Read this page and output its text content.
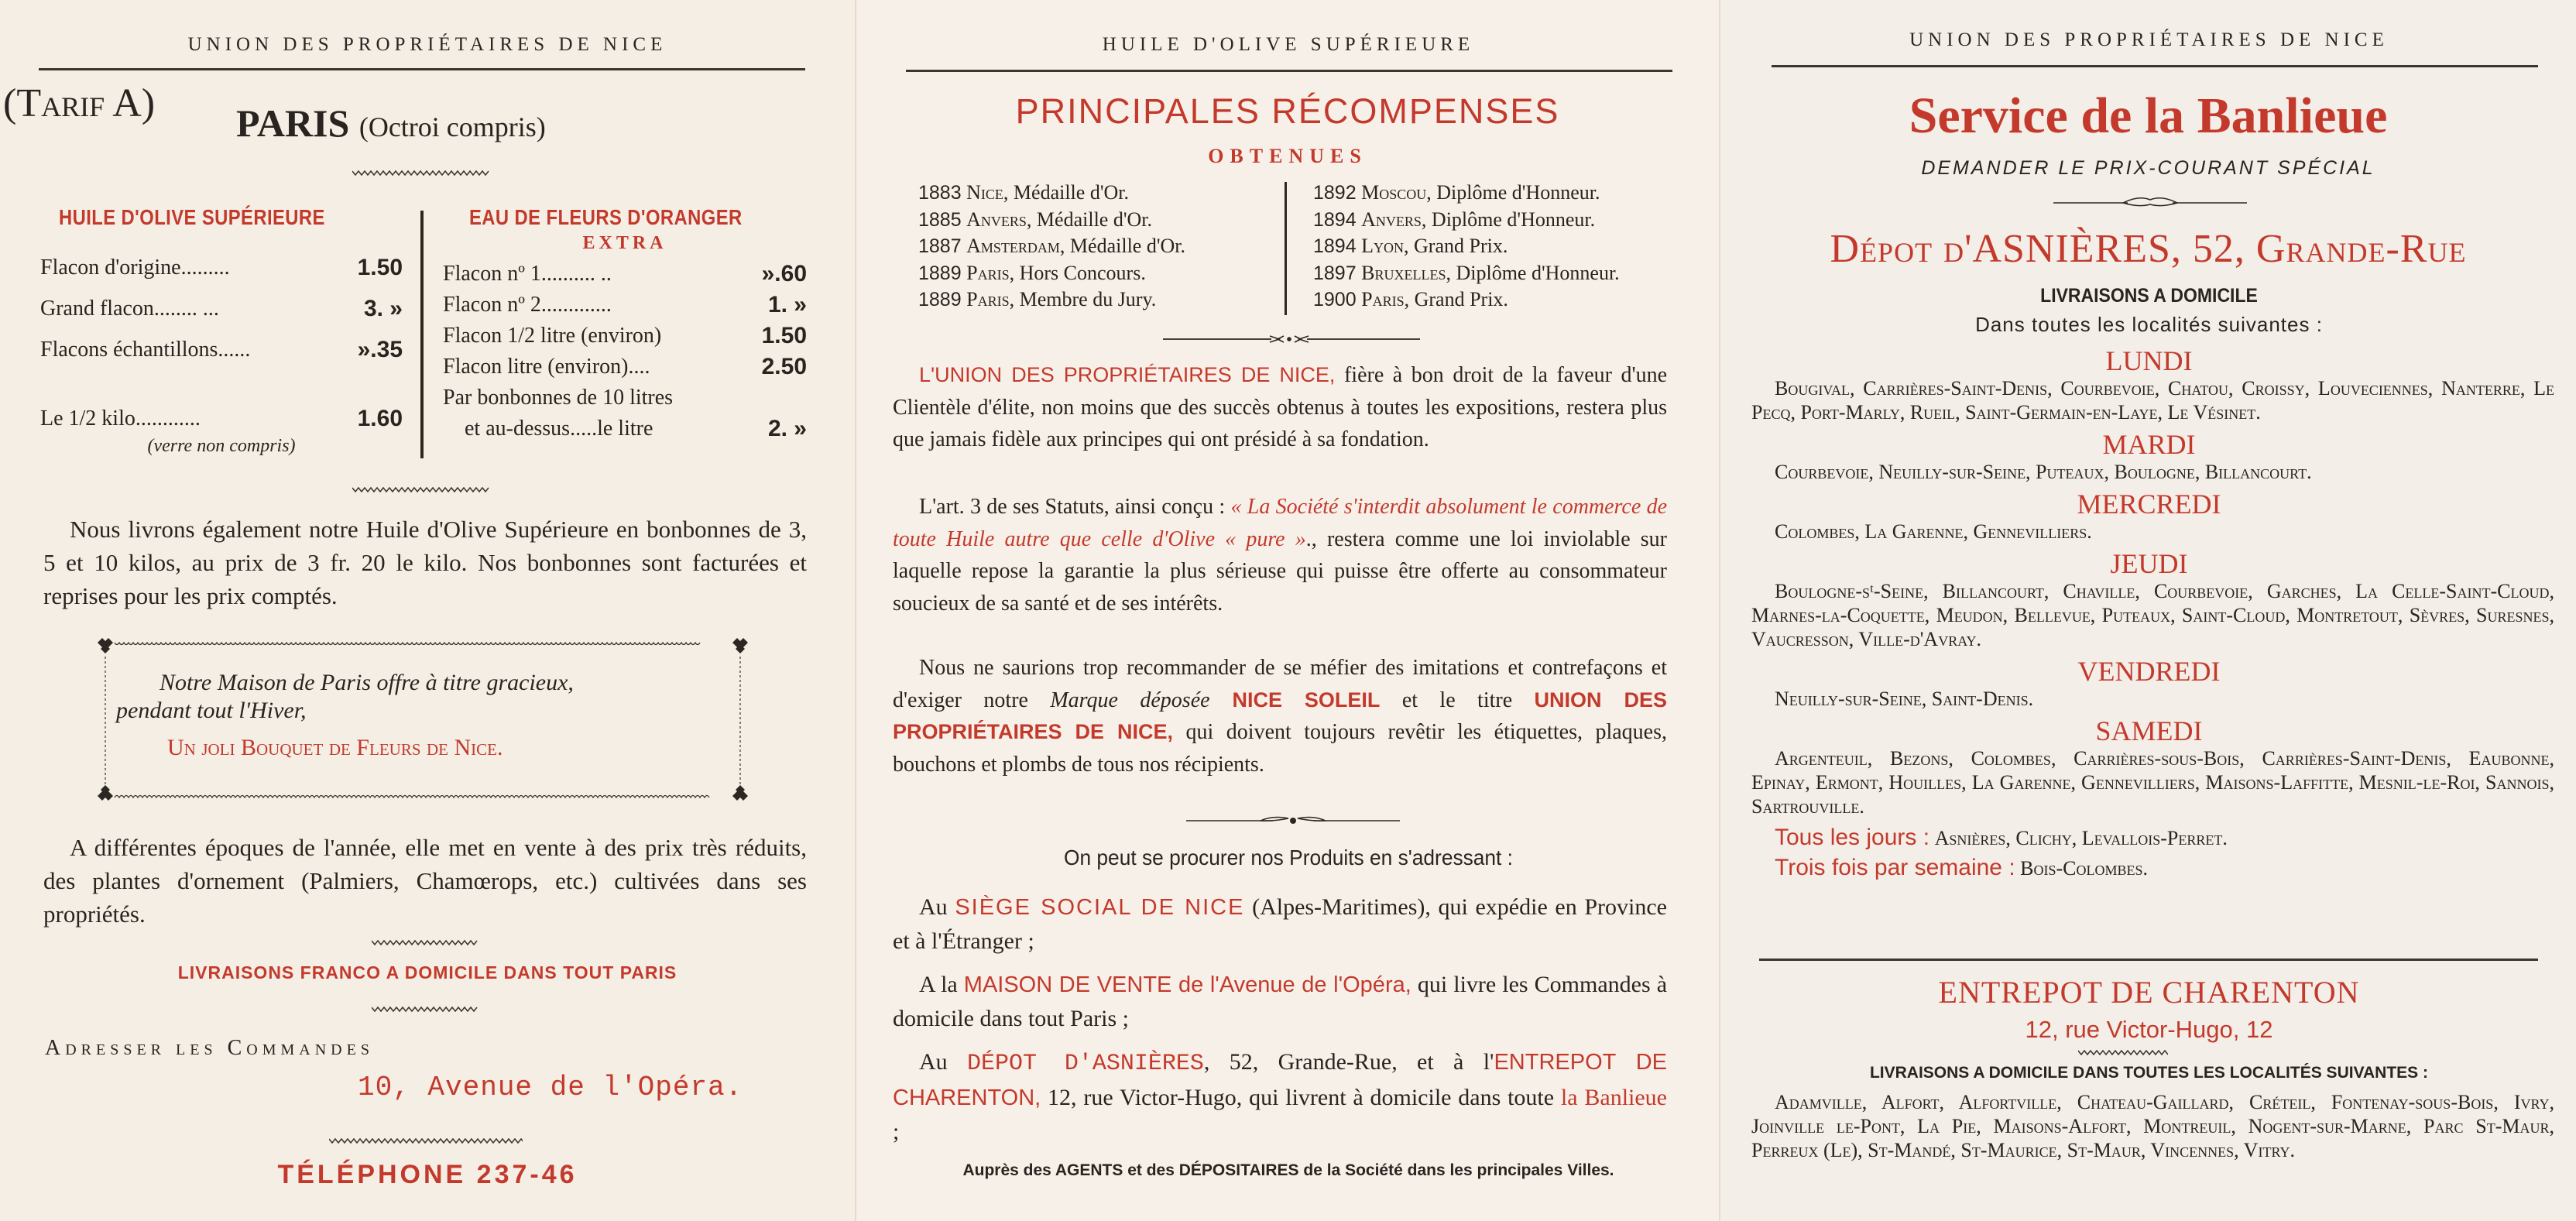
UNION DES PROPRIÉTAIRES DE NICE
(Tarif A) PARIS (Octroi compris)
HUILE D'OLIVE SUPÉRIEURE
Flacon d'origine.........	1.50
Grand flacon........ ...	3. »
Flacons échantillons......	».35
Le 1/2 kilo............	1.60
(verre non compris)
EAU DE FLEURS D'ORANGER
EXTRA
Flacon nº 1.......... ..	».60
Flacon nº 2.............	1. »
Flacon 1/2 litre (environ)	1.50
Flacon litre (environ)....	2.50
Par bonbonnes de 10 litres
et au-dessus.....le litre	2. »
Nous livrons également notre Huile d'Olive Supérieure en bonbonnes de 3, 5 et 10 kilos, au prix de 3 fr. 20 le kilo. Nos bonbonnes sont facturées et reprises pour les prix comptés.
Notre Maison de Paris offre à titre gracieux,
pendant tout l'Hiver,
Un joli Bouquet de Fleurs de Nice.
A différentes époques de l'année, elle met en vente à des prix très réduits, des plantes d'ornement (Palmiers, Chamœrops, etc.) cultivées dans ses propriétés.
LIVRAISONS FRANCO A DOMICILE DANS TOUT PARIS
Adresser les Commandes
10, Avenue de l'Opéra.
TÉLÉPHONE 237-46
HUILE D'OLIVE SUPÉRIEURE
PRINCIPALES RÉCOMPENSES
OBTENUES
1883 Nice, Médaille d'Or.
1885 Anvers, Médaille d'Or.
1887 Amsterdam, Médaille d'Or.
1889 Paris, Hors Concours.
1889 Paris, Membre du Jury.
1892 Moscou, Diplôme d'Honneur.
1894 Anvers, Diplôme d'Honneur.
1894 Lyon, Grand Prix.
1897 Bruxelles, Diplôme d'Honneur.
1900 Paris, Grand Prix.
L'UNION DES PROPRIÉTAIRES DE NICE, fière à bon droit de la faveur d'une Clientèle d'élite, non moins que des succès obtenus à toutes les expositions, restera plus que jamais fidèle aux principes qui ont présidé à sa fondation.
L'art. 3 de ses Statuts, ainsi conçu : « La Société s'interdit absolument le commerce de toute Huile autre que celle d'Olive « pure »., restera comme une loi inviolable sur laquelle repose la garantie la plus sérieuse qui puisse être offerte au consommateur soucieux de sa santé et de ses intérêts.
Nous ne saurions trop recommander de se méfier des imitations et contrefaçons et d'exiger notre Marque déposée NICE SOLEIL et le titre UNION DES PROPRIÉTAIRES DE NICE, qui doivent toujours revêtir les étiquettes, plaques, bouchons et plombs de tous nos récipients.
On peut se procurer nos Produits en s'adressant :
Au SIÈGE SOCIAL DE NICE (Alpes-Maritimes), qui expédie en Province et à l'Étranger ;
A la MAISON DE VENTE de l'Avenue de l'Opéra, qui livre les Commandes à domicile dans tout Paris ;
Au DÉPOT D'ASNIÈRES, 52, Grande-Rue, et à l'ENTREPOT DE CHARENTON, 12, rue Victor-Hugo, qui livrent à domicile dans toute la Banlieue ;
Auprès des AGENTS et des DÉPOSITAIRES de la Société dans les principales Villes.
UNION DES PROPRIÉTAIRES DE NICE
Service de la Banlieue
DEMANDER LE PRIX-COURANT SPÉCIAL
Dépot d'ASNIÈRES, 52, Grande-Rue
LIVRAISONS A DOMICILE
Dans toutes les localités suivantes :
LUNDI
Bougival, Carrières-Saint-Denis, Courbevoie, Chatou, Croissy, Louveciennes, Nanterre, Le Pecq, Port-Marly, Rueil, Saint-Germain-en-Laye, Le Vésinet.
MARDI
Courbevoie, Neuilly-sur-Seine, Puteaux, Boulogne, Billancourt.
MERCREDI
Colombes, La Garenne, Gennevilliers.
JEUDI
Boulogne-sᵗ-Seine, Billancourt, Chaville, Courbevoie, Garches, La Celle-Saint-Cloud, Marnes-la-Coquette, Meudon, Bellevue, Puteaux, Saint-Cloud, Montretout, Sèvres, Suresnes, Vaucresson, Ville-d'Avray.
VENDREDI
Neuilly-sur-Seine, Saint-Denis.
SAMEDI
Argenteuil, Bezons, Colombes, Carrières-sous-Bois, Carrières-Saint-Denis, Eaubonne, Epinay, Ermont, Houilles, La Garenne, Gennevilliers, Maisons-Laffitte, Mesnil-le-Roi, Sannois, Sartrouville.
Tous les jours : Asnières, Clichy, Levallois-Perret.
Trois fois par semaine : Bois-Colombes.
ENTREPOT DE CHARENTON
12, rue Victor-Hugo, 12
LIVRAISONS A DOMICILE DANS TOUTES LES LOCALITÉS SUIVANTES :
Adamville, Alfort, Alfortville, Chateau-Gaillard, Créteil, Fontenay-sous-Bois, Ivry, Joinville le-Pont, La Pie, Maisons-Alfort, Montreuil, Nogent-sur-Marne, Parc St-Maur, Perreux (Le), St-Mandé, St-Maurice, St-Maur, Vincennes, Vitry.
